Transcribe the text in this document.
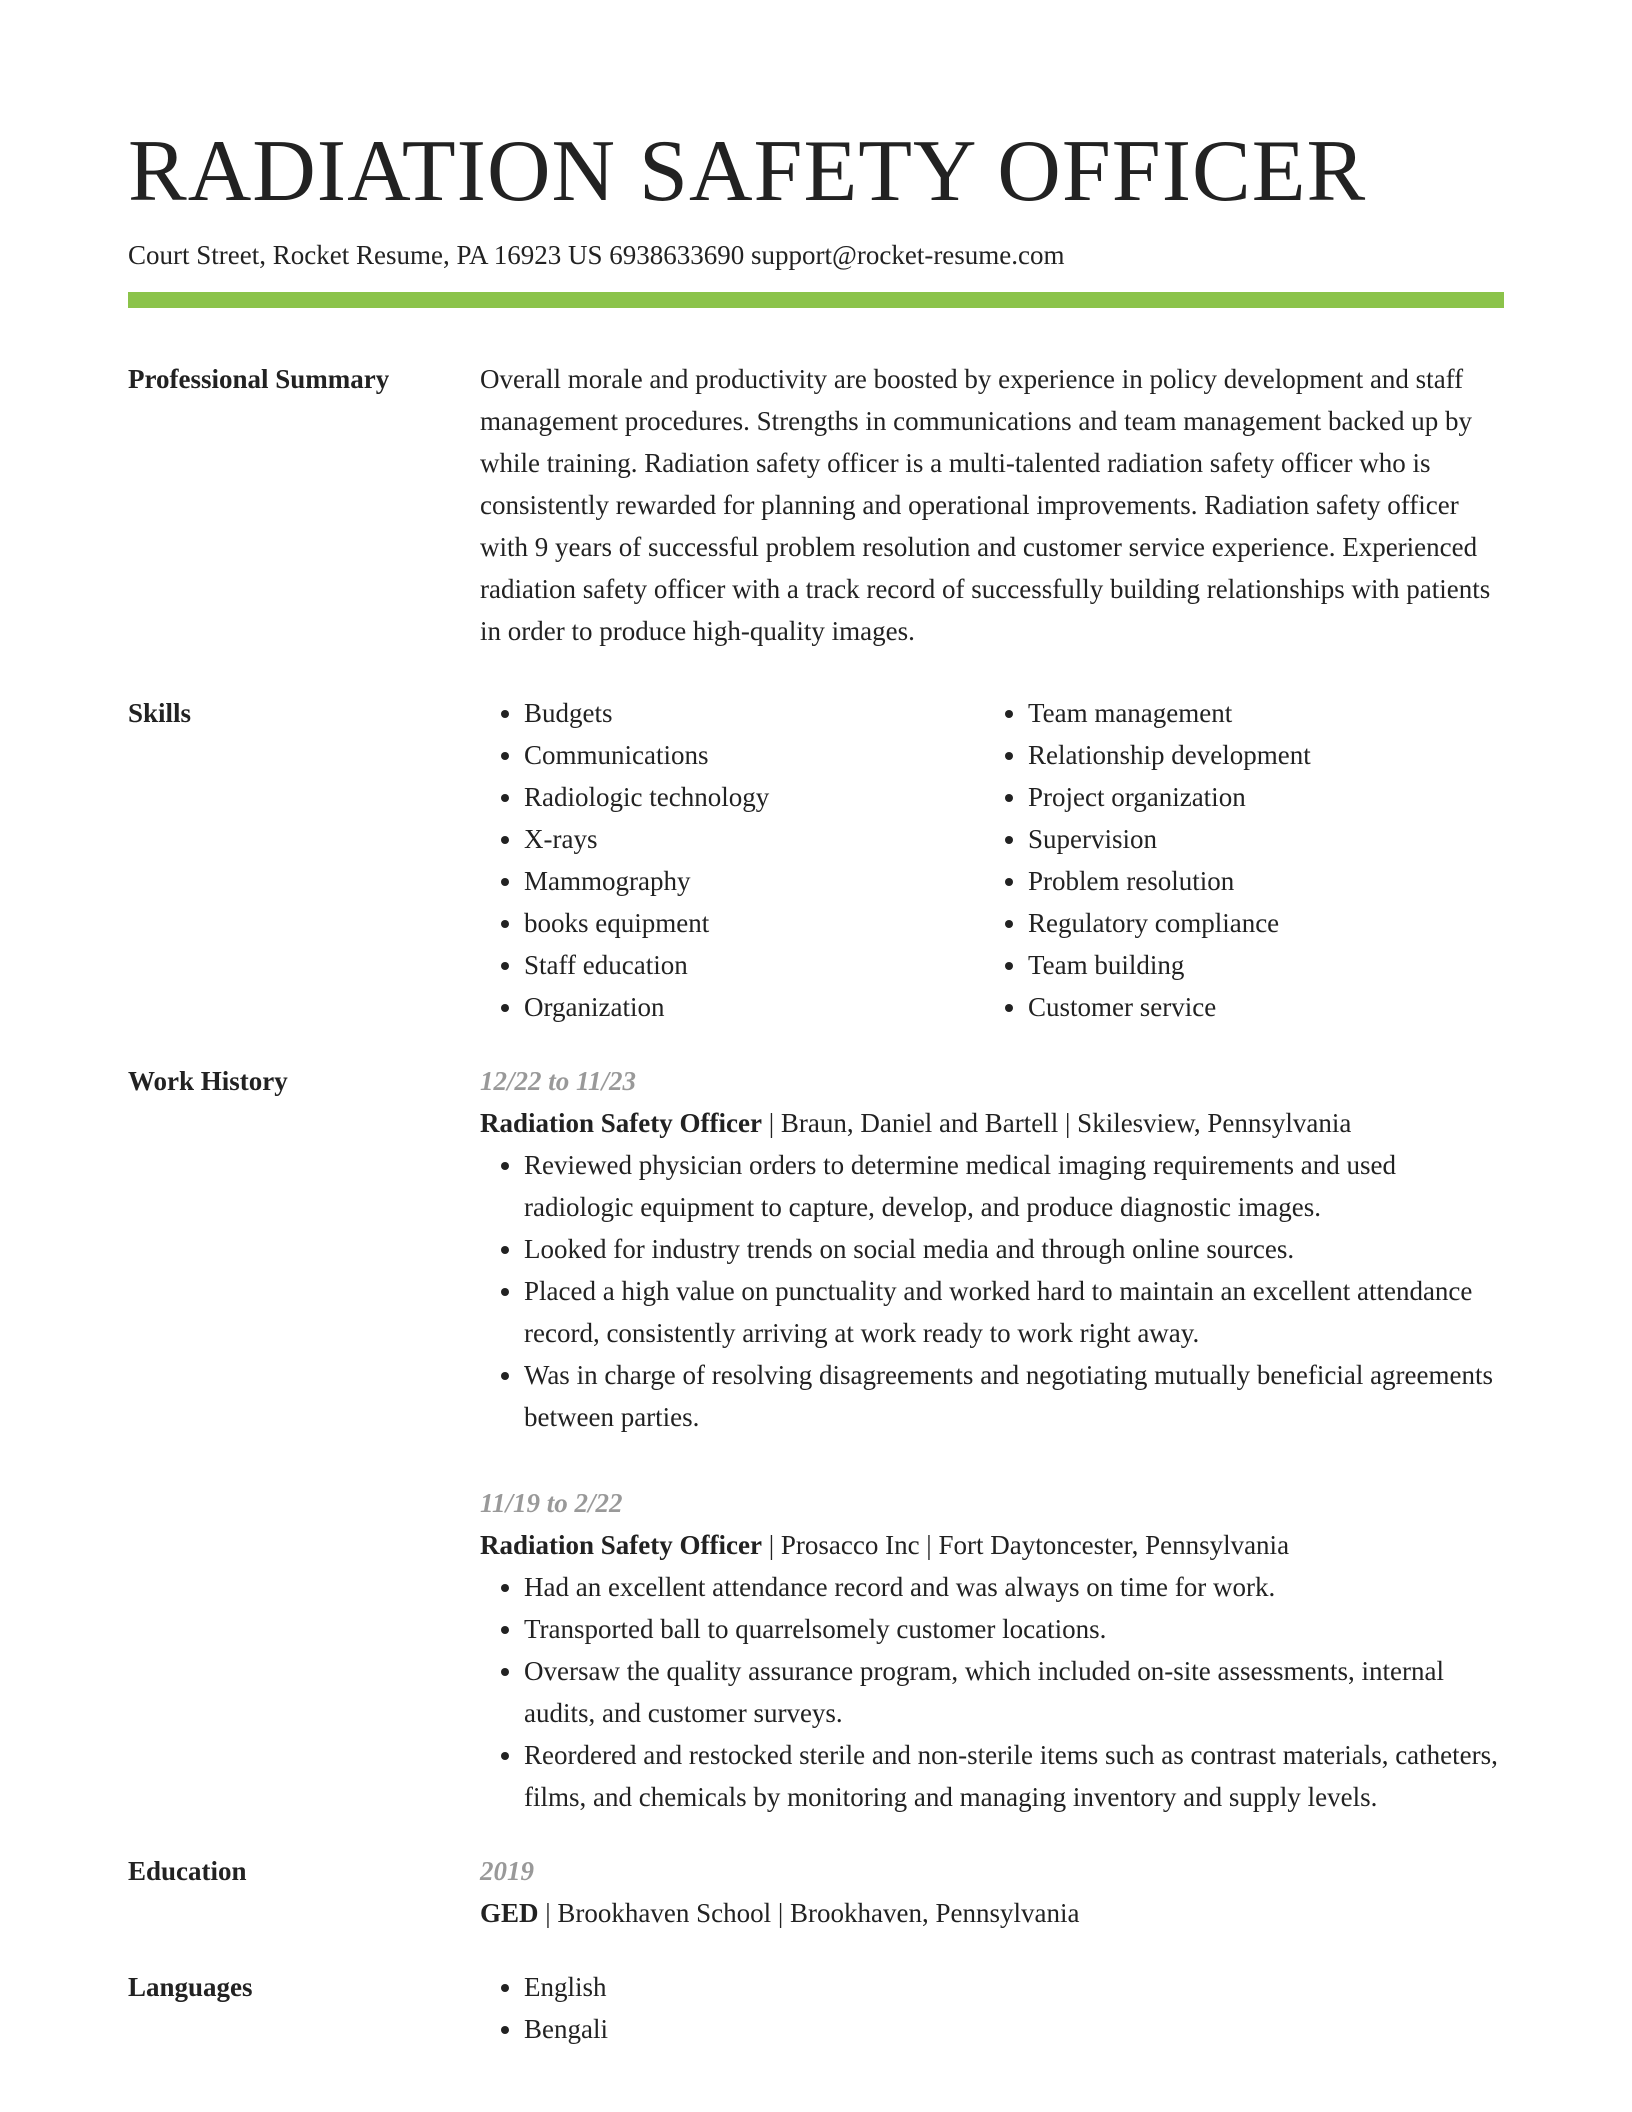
RADIATION SAFETY OFFICER
Court Street, Rocket Resume, PA 16923 US 6938633690 support@rocket-resume.com
Professional Summary	Overall morale and productivity are boosted by experience in policy development and staff management procedures. Strengths in communications and team management backed up by while training. Radiation safety officer is a multi-talented radiation safety officer who is consistently rewarded for planning and operational improvements. Radiation safety officer with 9 years of successful problem resolution and customer service experience. Experienced radiation safety officer with a track record of successfully building relationships with patients in order to produce high-quality images.

Skills	• Budgets
• Communications
• Radiologic technology
• X-rays
• Mammography
• books equipment
• Staff education
• Organization
• Team management
• Relationship development
• Project organization
• Supervision
• Problem resolution
• Regulatory compliance
• Team building
• Customer service
Work History	12/22 to 11/23

Radiation Safety Officer | Braun, Daniel and Bartell | Skilesview, Pennsylvania

• Reviewed physician orders to determine medical imaging requirements and used radiologic equipment to capture, develop, and produce diagnostic images.
• Looked for industry trends on social media and through online sources.
• Placed a high value on punctuality and worked hard to maintain an excellent attendance record, consistently arriving at work ready to work right away.
• Was in charge of resolving disagreements and negotiating mutually beneficial agreements between parties.
11/19 to 2/22

Radiation Safety Officer | Prosacco Inc | Fort Daytoncester, Pennsylvania

• Had an excellent attendance record and was always on time for work.
• Transported ball to quarrelsomely customer locations.
• Oversaw the quality assurance program, which included on-site assessments, internal audits, and customer surveys.
• Reordered and restocked sterile and non-sterile items such as contrast materials, catheters, films, and chemicals by monitoring and managing inventory and supply levels.
Education	2019

GED | Brookhaven School | Brookhaven, Pennsylvania

Languages	• English
• Bengali
